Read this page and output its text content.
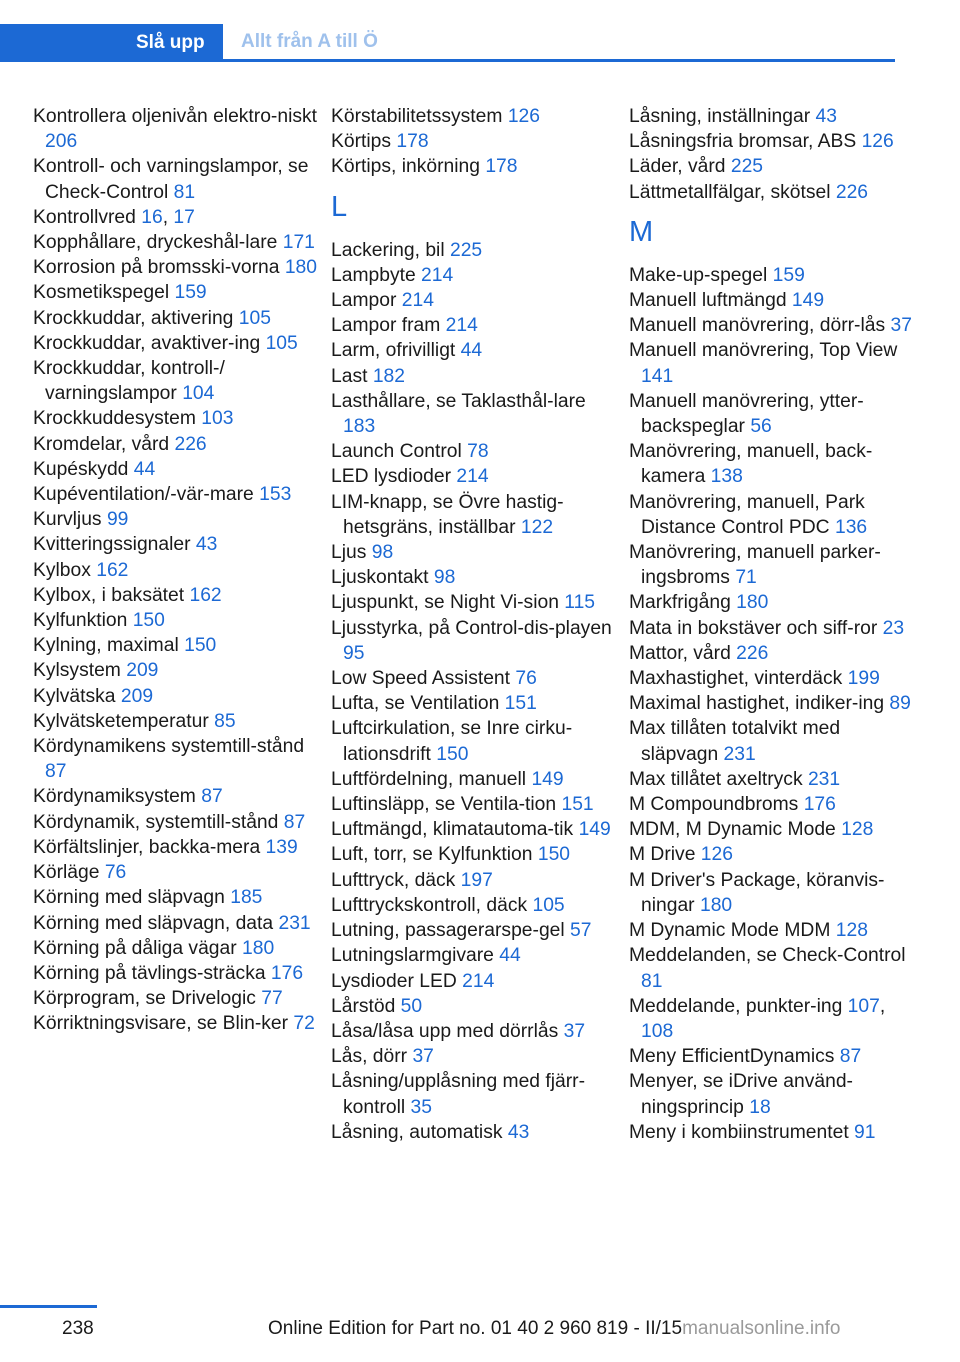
Slå upp	Allt från A till Ö
Kontrollera oljenivån elektro-niskt 206
Kontroll- och varningslampor, se Check-Control 81
Kontrollvred 16, 17
Kopphållare, dryckeshål-lare 171
Korrosion på bromsski-vorna 180
Kosmetikspegel 159
Krockkuddar, aktivering 105
Krockkuddar, avaktiver-ing 105
Krockkuddar, kontroll-/ varningslampor 104
Krockkuddesystem 103
Kromdelar, vård 226
Kupéskydd 44
Kupéventilation/-vär-mare 153
Kurvljus 99
Kvitteringssignaler 43
Kylbox 162
Kylbox, i baksätet 162
Kylfunktion 150
Kylning, maximal 150
Kylsystem 209
Kylvätska 209
Kylvätsketemperatur 85
Kördynamikens systemtill-stånd 87
Kördynamiksystem 87
Kördynamik, systemtill-stånd 87
Körfältslinjer, backka-mera 139
Körläge 76
Körning med släpvagn 185
Körning med släpvagn, data 231
Körning på dåliga vägar 180
Körning på tävlings-sträcka 176
Körprogram, se Drivelogic 77
Körriktningsvisare, se Blin-ker 72
Körstabilitetssystem 126
Körtips 178
Körtips, inkörning 178
L
Lackering, bil 225
Lampbyte 214
Lampor 214
Lampor fram 214
Larm, ofrivilligt 44
Last 182
Lasthållare, se Taklasthål-lare 183
Launch Control 78
LED lysdioder 214
LIM-knapp, se Övre hastig-hetsgräns, inställbar 122
Ljus 98
Ljuskontakt 98
Ljuspunkt, se Night Vi-sion 115
Ljusstyrka, på Control-dis-playen 95
Low Speed Assistent 76
Lufta, se Ventilation 151
Luftcirkulation, se Inre cirku-lationsdrift 150
Luftfördelning, manuell 149
Luftinsläpp, se Ventila-tion 151
Luftmängd, klimatautoma-tik 149
Luft, torr, se Kylfunktion 150
Lufttryck, däck 197
Lufttryckskontroll, däck 105
Lutning, passagerarspe-gel 57
Lutningslarmgivare 44
Lysdioder LED 214
Lårstöd 50
Låsa/låsa upp med dörrlås 37
Lås, dörr 37
Låsning/upplåsning med fjärr-kontroll 35
Låsning, automatisk 43
Låsning, inställningar 43
Låsningsfria bromsar, ABS 126
Läder, vård 225
Lättmetallfälgar, skötsel 226
M
Make-up-spegel 159
Manuell luftmängd 149
Manuell manövrering, dörr-lås 37
Manuell manövrering, Top View 141
Manuell manövrering, ytter-backspeglar 56
Manövrering, manuell, back-kamera 138
Manövrering, manuell, Park Distance Control PDC 136
Manövrering, manuell parker-ingsbroms 71
Markfrigång 180
Mata in bokstäver och siff-ror 23
Mattor, vård 226
Maxhastighet, vinterdäck 199
Maximal hastighet, indiker-ing 89
Max tillåten totalvikt med släpvagn 231
Max tillåtet axeltryck 231
M Compoundbroms 176
MDM, M Dynamic Mode 128
M Drive 126
M Driver's Package, köranvis-ningar 180
M Dynamic Mode MDM 128
Meddelanden, se Check-Control 81
Meddelande, punkter-ing 107, 108
Meny EfficientDynamics 87
Menyer, se iDrive använd-ningsprincip 18
Meny i kombiinstrumentet 91
238	Online Edition for Part no. 01 40 2 960 819 - II/15manualsonline.info
